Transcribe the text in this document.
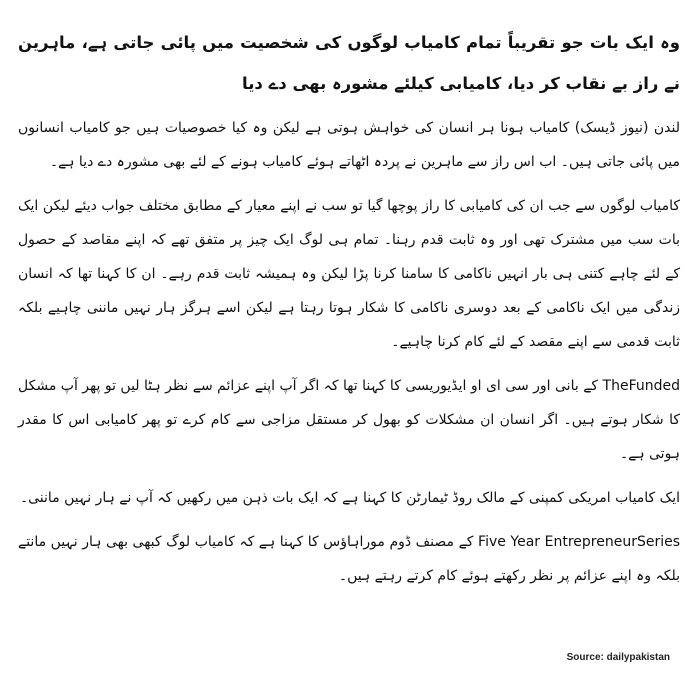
وہ ایک بات جو تقریباً تمام کامیاب لوگوں کی شخصیت میں پائی جاتی ہے، ماہرین نے راز بے نقاب کر دیا، کامیابی کیلئے مشورہ بھی دے دیا

لندن (نیوز ڈیسک) کامیاب ہونا ہر انسان کی خواہش ہوتی ہے لیکن وہ کیا خصوصیات ہیں جو کامیاب انسانوں میں پائی جاتی ہیں۔ اب اس راز سے ماہرین نے پردہ اٹھاتے ہوئے کامیاب ہونے کے لئے بھی مشورہ دے دیا ہے۔

کامیاب لوگوں سے جب ان کی کامیابی کا راز پوچھا گیا تو سب نے اپنے معیار کے مطابق مختلف جواب دیئے لیکن ایک بات سب میں مشترک تھی اور وہ ثابت قدم رہنا۔ تمام ہی لوگ ایک چیز پر متفق تھے کہ اپنے مقاصد کے حصول کے لئے چاہے کتنی ہی بار انہیں ناکامی کا سامنا کرنا پڑا لیکن وہ ہمیشہ ثابت قدم رہے۔ ان کا کہنا تھا کہ انسان زندگی میں ایک ناکامی کے بعد دوسری ناکامی کا شکار ہوتا رہتا ہے لیکن اسے ہرگز ہار نہیں ماننی چاہیے بلکہ ثابت قدمی سے اپنے مقصد کے لئے کام کرنا چاہیے۔

TheFunded کے بانی اور سی ای او ایڈیوریسی کا کہنا تھا کہ اگر آپ اپنے عزائم سے نظر ہٹا لیں تو پھر آپ مشکل کا شکار ہوتے ہیں۔ اگر انسان ان مشکلات کو بھول کر مستقل مزاجی سے کام کرے تو پھر کامیابی اس کا مقدر ہوتی ہے۔

ایک کامیاب امریکی کمپنی کے مالک روڈ ٹیمارٹن کا کہنا ہے کہ ایک بات ذہن میں رکھیں کہ آپ نے ہار نہیں ماننی۔

Five Year EntrepreneurSeries کے مصنف ڈوم موراہاؤس کا کہنا ہے کہ کامیاب لوگ کبھی بھی ہار نہیں مانتے بلکہ وہ اپنے عزائم پر نظر رکھتے ہوئے کام کرتے رہتے ہیں۔

Source: dailypakistan
